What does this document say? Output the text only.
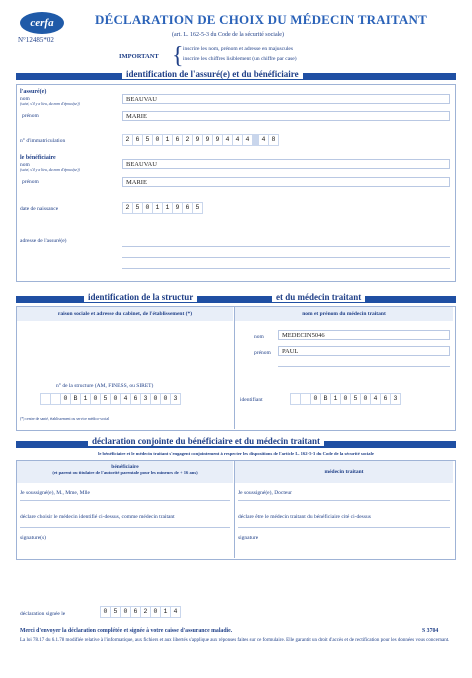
cerfa
N°12485*02
DÉCLARATION DE CHOIX DU MÉDECIN TRAITANT
(art. L. 162-5-3 du Code de la sécurité sociale)
IMPORTANT { inscrire les nom, prénom et adresse en majuscules
inscrire les chiffres lisiblement (un chiffre par case)
identification de l'assuré(e) et du bénéficiaire
l'assuré(e)
nom
(suivi, s'il y a lieu, du nom d'époux(se))
BEAUVAU
prénom	MARIE
n° d'immatriculation	2 6 5 0 1 6 2 9 9 9 4 4 4	4 8
le bénéficiaire
nom
(suivi, s'il y a lieu, du nom d'époux(se))
BEAUVAU
prénom	MARIE
date de naissance	2 5 0 1 1 9 6 5
adresse de l'assuré(e)
identification de la structur	et du médecin traitant
raison sociale et adresse du cabinet, de l'établissement (*)	nom et prénom du médecin traitant
nom	MEDECIN5046
prénom	PAUL
n° de la structure (AM, FINESS, ou SIRET)
0 B 1 0 5 0 4 6 3 0 0 3	identifiant	0 B 1 0 5 0 4 6 3
(*) centre de santé, établissement ou service médico-social
déclaration conjointe du bénéficiaire et du médecin traitant
le bénéficiaire et le médecin traitant s'engagent conjointement à respecter les dispositions de l'article L. 162-5-3 du Code de la sécurité sociale
bénéficiaire
(et parent ou titulaire de l'autorité parentale pour les mineurs de + 16 ans)	médecin traitant
Je soussigné(e), M., Mme, Mlle
déclare choisir le médecin identifié ci-dessus, comme médecin traitant
signature(s)
Je soussigné(e), Docteur
déclare être le médecin traitant du bénéficiaire cité ci-dessus
signature
déclaration signée le	0 5 0 6 2 0 1 4
Merci d'envoyer la déclaration complétée et signée à votre caisse d'assurance maladie.	S 3704
La loi 78.17 du 6.1.78 modifiée relative à l'informatique, aux fichiers et aux libertés s'applique aux réponses faites sur ce formulaire. Elle garantit un droit d'accès et de rectification pour les données vous concernant.
